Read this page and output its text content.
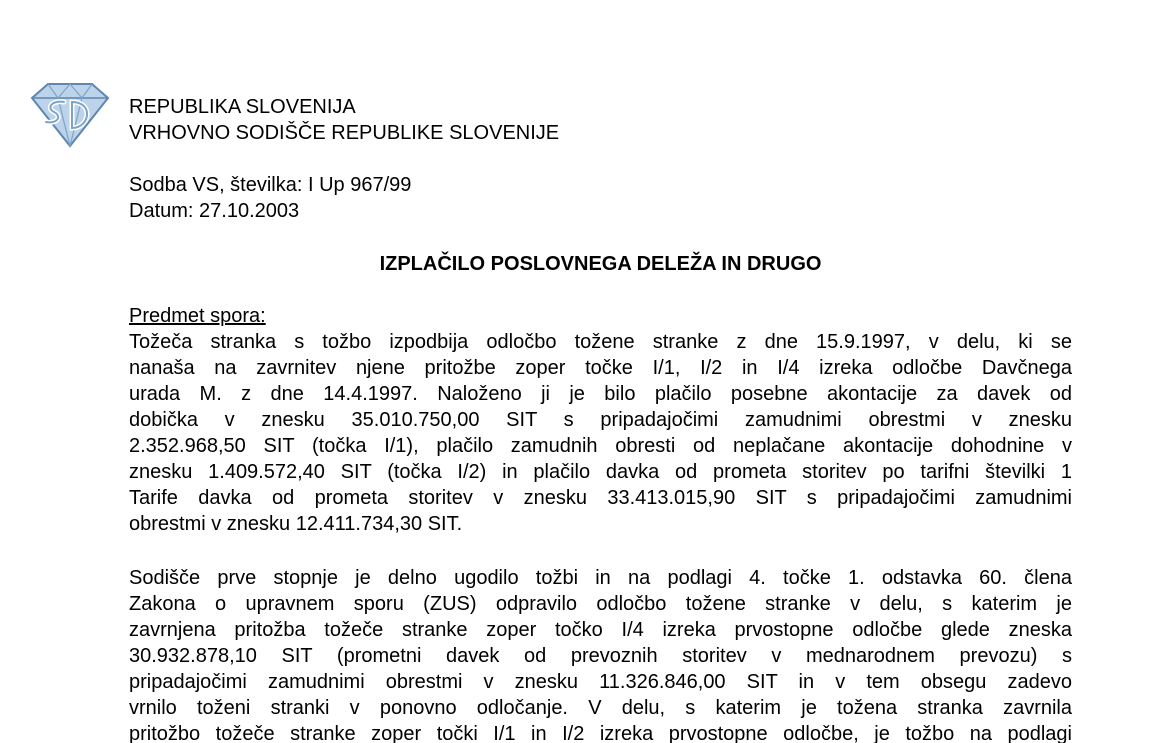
REPUBLIKA SLOVENIJA
VRHOVNO SODIŠČE REPUBLIKE SLOVENIJE
Sodba VS, številka: I Up 967/99
Datum: 27.10.2003
IZPLAČILO POSLOVNEGA DELEŽA IN DRUGO
Predmet spora:
Tožeča stranka s tožbo izpodbija odločbo tožene stranke z dne 15.9.1997, v delu, ki se
nanaša na zavrnitev njene pritožbe zoper točke I/1, I/2 in I/4 izreka odločbe Davčnega
urada M. z dne 14.4.1997. Naloženo ji je bilo plačilo posebne akontacije za davek od
dobička v znesku 35.010.750,00 SIT s pripadajočimi zamudnimi obrestmi v znesku
2.352.968,50 SIT (točka I/1), plačilo zamudnih obresti od neplačane akontacije dohodnine v
znesku 1.409.572,40 SIT (točka I/2) in plačilo davka od prometa storitev po tarifni številki 1
Tarife davka od prometa storitev v znesku 33.413.015,90 SIT s pripadajočimi zamudnimi
obrestmi v znesku 12.411.734,30 SIT.
Sodišče prve stopnje je delno ugodilo tožbi in na podlagi 4. točke 1. odstavka 60. člena
Zakona o upravnem sporu (ZUS) odpravilo odločbo tožene stranke v delu, s katerim je
zavrnjena pritožba tožeče stranke zoper točko I/4 izreka prvostopne odločbe glede zneska
30.932.878,10 SIT (prometni davek od prevoznih storitev v mednarodnem prevozu) s
pripadajočimi zamudnimi obrestmi v znesku 11.326.846,00 SIT in v tem obsegu zadevo
vrnilo toženi stranki v ponovno odločanje. V delu, s katerim je tožena stranka zavrnila
pritožbo tožeče stranke zoper točki I/1 in I/2 izreka prvostopne odločbe, je tožbo na podlagi
